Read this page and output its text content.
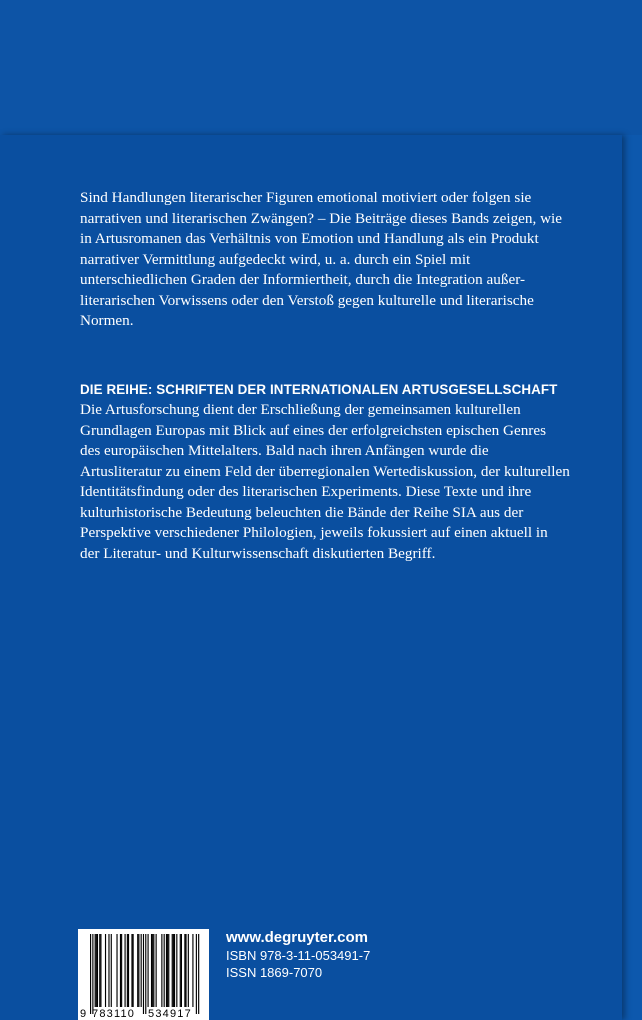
Sind Handlungen literarischer Figuren emotional motiviert oder folgen sie narrativen und literarischen Zwängen? – Die Beiträge dieses Bands zeigen, wie in Artusromanen das Verhältnis von Emotion und Handlung als ein Produkt narrativer Vermittlung aufgedeckt wird, u. a. durch ein Spiel mit unterschiedlichen Graden der Informiertheit, durch die Integration außer-literarischen Vorwissens oder den Verstoß gegen kulturelle und literarische Normen.

DIE REIHE: SCHRIFTEN DER INTERNATIONALEN ARTUSGESELLSCHAFT
Die Artusforschung dient der Erschließung der gemeinsamen kulturellen Grundlagen Europas mit Blick auf eines der erfolgreichsten epischen Genres des europäischen Mittelalters. Bald nach ihren Anfängen wurde die Artusliteratur zu einem Feld der überregionalen Wertediskussion, der kulturellen Identitätsfindung oder des literarischen Experiments. Diese Texte und ihre kulturhistorische Bedeutung beleuchten die Bände der Reihe SIA aus der Perspektive verschiedener Philologien, jeweils fokussiert auf einen aktuell in der Literatur- und Kulturwissenschaft diskutierten Begriff.
9 783110 534917
www.degruyter.com
ISBN 978-3-11-053491-7
ISSN 1869-7070
